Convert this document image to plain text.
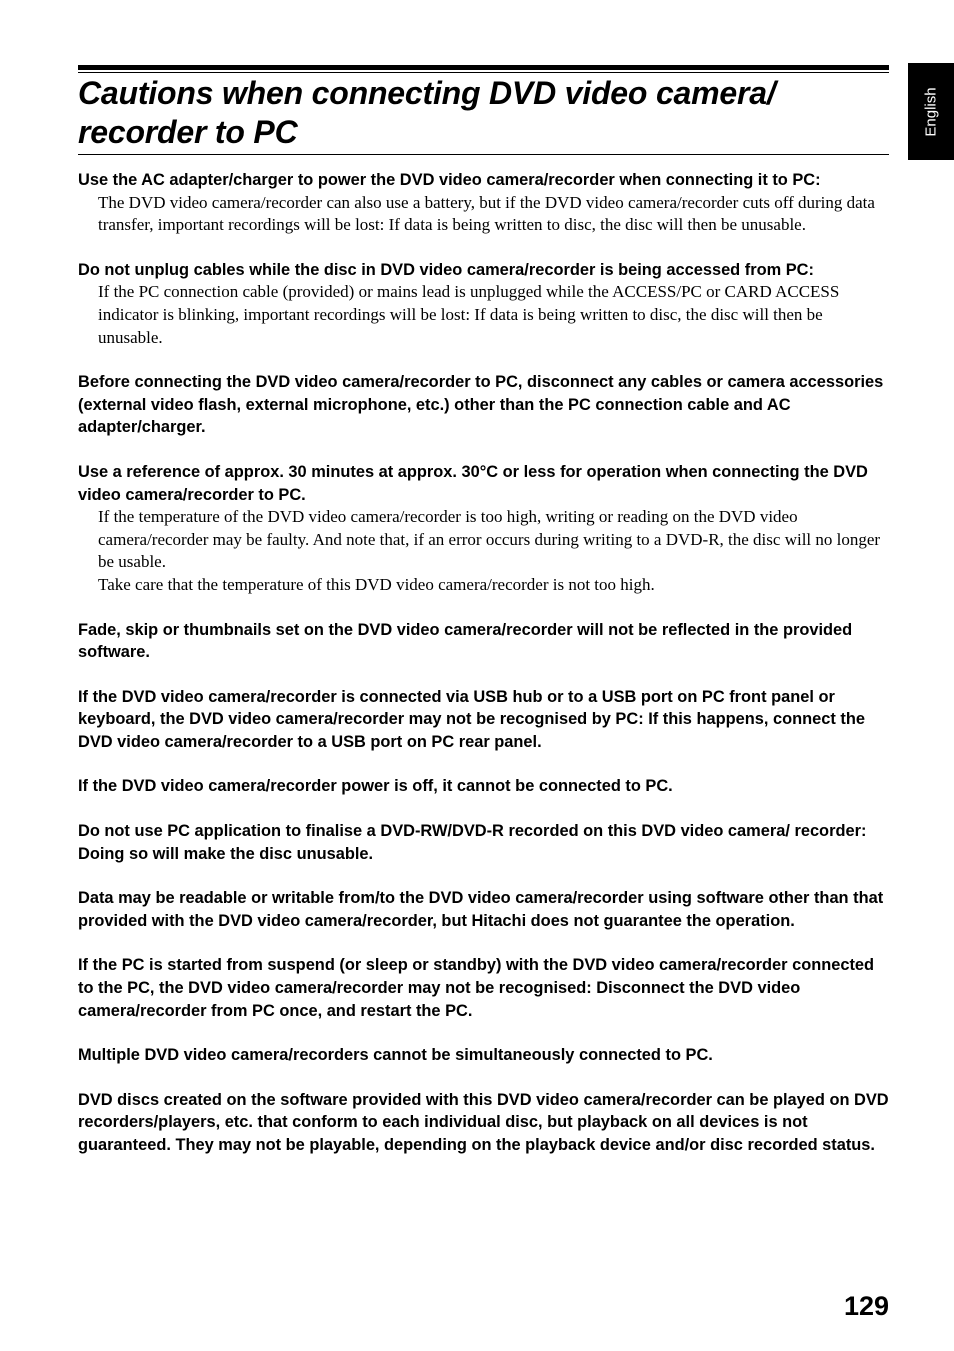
Cautions when connecting DVD video camera/ recorder to PC	English

Use the AC adapter/charger to power the DVD video camera/recorder when connecting it to PC:

The DVD video camera/recorder can also use a battery, but if the DVD video camera/recorder cuts off during data transfer, important recordings will be lost: If data is being written to disc, the disc will then be unusable.

Do not unplug cables while the disc in DVD video camera/recorder is being accessed from PC:

If the PC connection cable (provided) or mains lead is unplugged while the ACCESS/PC or CARD ACCESS indicator is blinking, important recordings will be lost: If data is being written to disc, the disc will then be unusable.

Before connecting the DVD video camera/recorder to PC, disconnect any cables or camera accessories (external video flash, external microphone, etc.) other than the PC connection cable and AC adapter/charger.

Use a reference of approx. 30 minutes at approx. 30°C or less for operation when connecting the DVD video camera/recorder to PC.

If the temperature of the DVD video camera/recorder is too high, writing or reading on the DVD video camera/recorder may be faulty. And note that, if an error occurs during writing to a DVD-R, the disc will no longer be usable.

Take care that the temperature of this DVD video camera/recorder is not too high.

Fade, skip or thumbnails set on the DVD video camera/recorder will not be reflected in the provided software.

If the DVD video camera/recorder is connected via USB hub or to a USB port on PC front panel or keyboard, the DVD video camera/recorder may not be recognised by PC: If this happens, connect the DVD video camera/recorder to a USB port on PC rear panel.

If the DVD video camera/recorder power is off, it cannot be connected to PC.

Do not use PC application to finalise a DVD-RW/DVD-R recorded on this DVD video camera/ recorder: Doing so will make the disc unusable.

Data may be readable or writable from/to the DVD video camera/recorder using software other than that provided with the DVD video camera/recorder, but Hitachi does not guarantee the operation.

If the PC is started from suspend (or sleep or standby) with the DVD video camera/recorder connected to the PC, the DVD video camera/recorder may not be recognised: Disconnect the DVD video camera/recorder from PC once, and restart the PC.

Multiple DVD video camera/recorders cannot be simultaneously connected to PC.

DVD discs created on the software provided with this DVD video camera/recorder can be played on DVD recorders/players, etc. that conform to each individual disc, but playback on all devices is not guaranteed. They may not be playable, depending on the playback device and/or disc recorded status.

129
